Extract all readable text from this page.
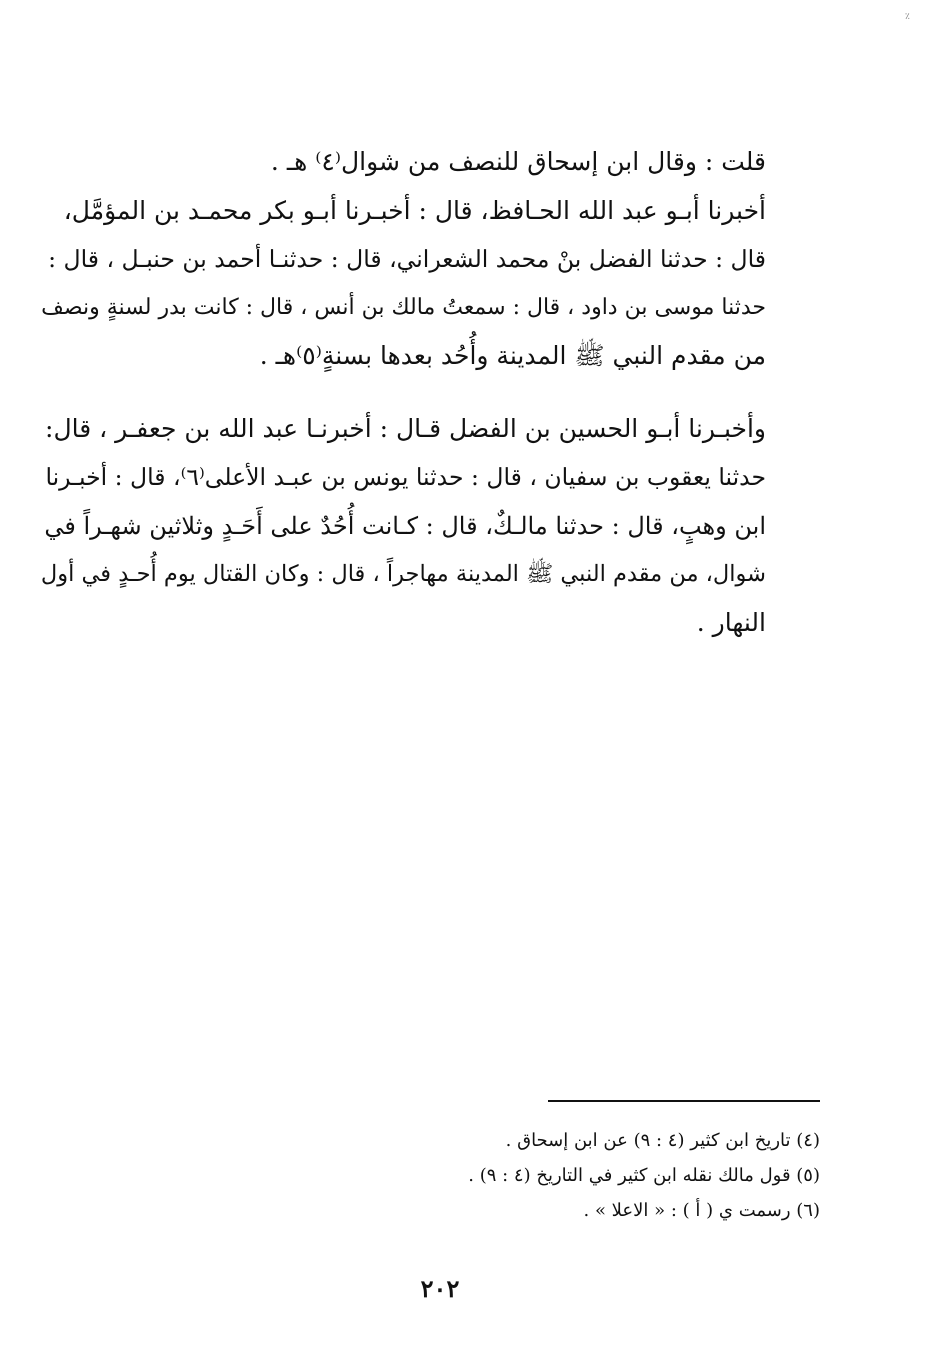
٪

قلت : وقال ابن إسحاق للنصف من شوال⁽٤⁾ هـ .

أخبرنا أبـو عبد الله الحـافظ، قال : أخبـرنا أبـو بكر محمـد بن المؤمَّل،
قال : حدثنا الفضل بنْ محمد الشعراني، قال : حدثنـا أحمد بن حنبـل ، قال :
حدثنا موسى بن داود ، قال : سمعتُ مالك بن أنس ، قال : كانت بدر لسنةٍ ونصف
من مقدم النبي ﷺ المدينة وأُحُد بعدها بسنةٍ⁽٥⁾هـ .

وأخبـرنا أبـو الحسين بن الفضل قـال : أخبرنـا عبد الله بن جعفـر ، قال:
حدثنا يعقوب بن سفيان ، قال : حدثنا يونس بن عبـد الأعلى⁽٦⁾، قال : أخبـرنا
ابن وهبٍ، قال : حدثنا مالـكٌ، قال : كـانت أُحُدٌ على أَحَـدٍ وثلاثين شهـراً في
شوال، من مقدم النبي ﷺ المدينة مهاجراً ، قال : وكان القتال يوم أُحـدٍ في أول
النهار .

(٤) تاريخ ابن كثير (٤ : ٩) عن ابن إسحاق .
(٥) قول مالك نقله ابن كثير في التاريخ (٤ : ٩) .
(٦) رسمت ي ( أ ) : « الاعلا » .
٢٠٢
